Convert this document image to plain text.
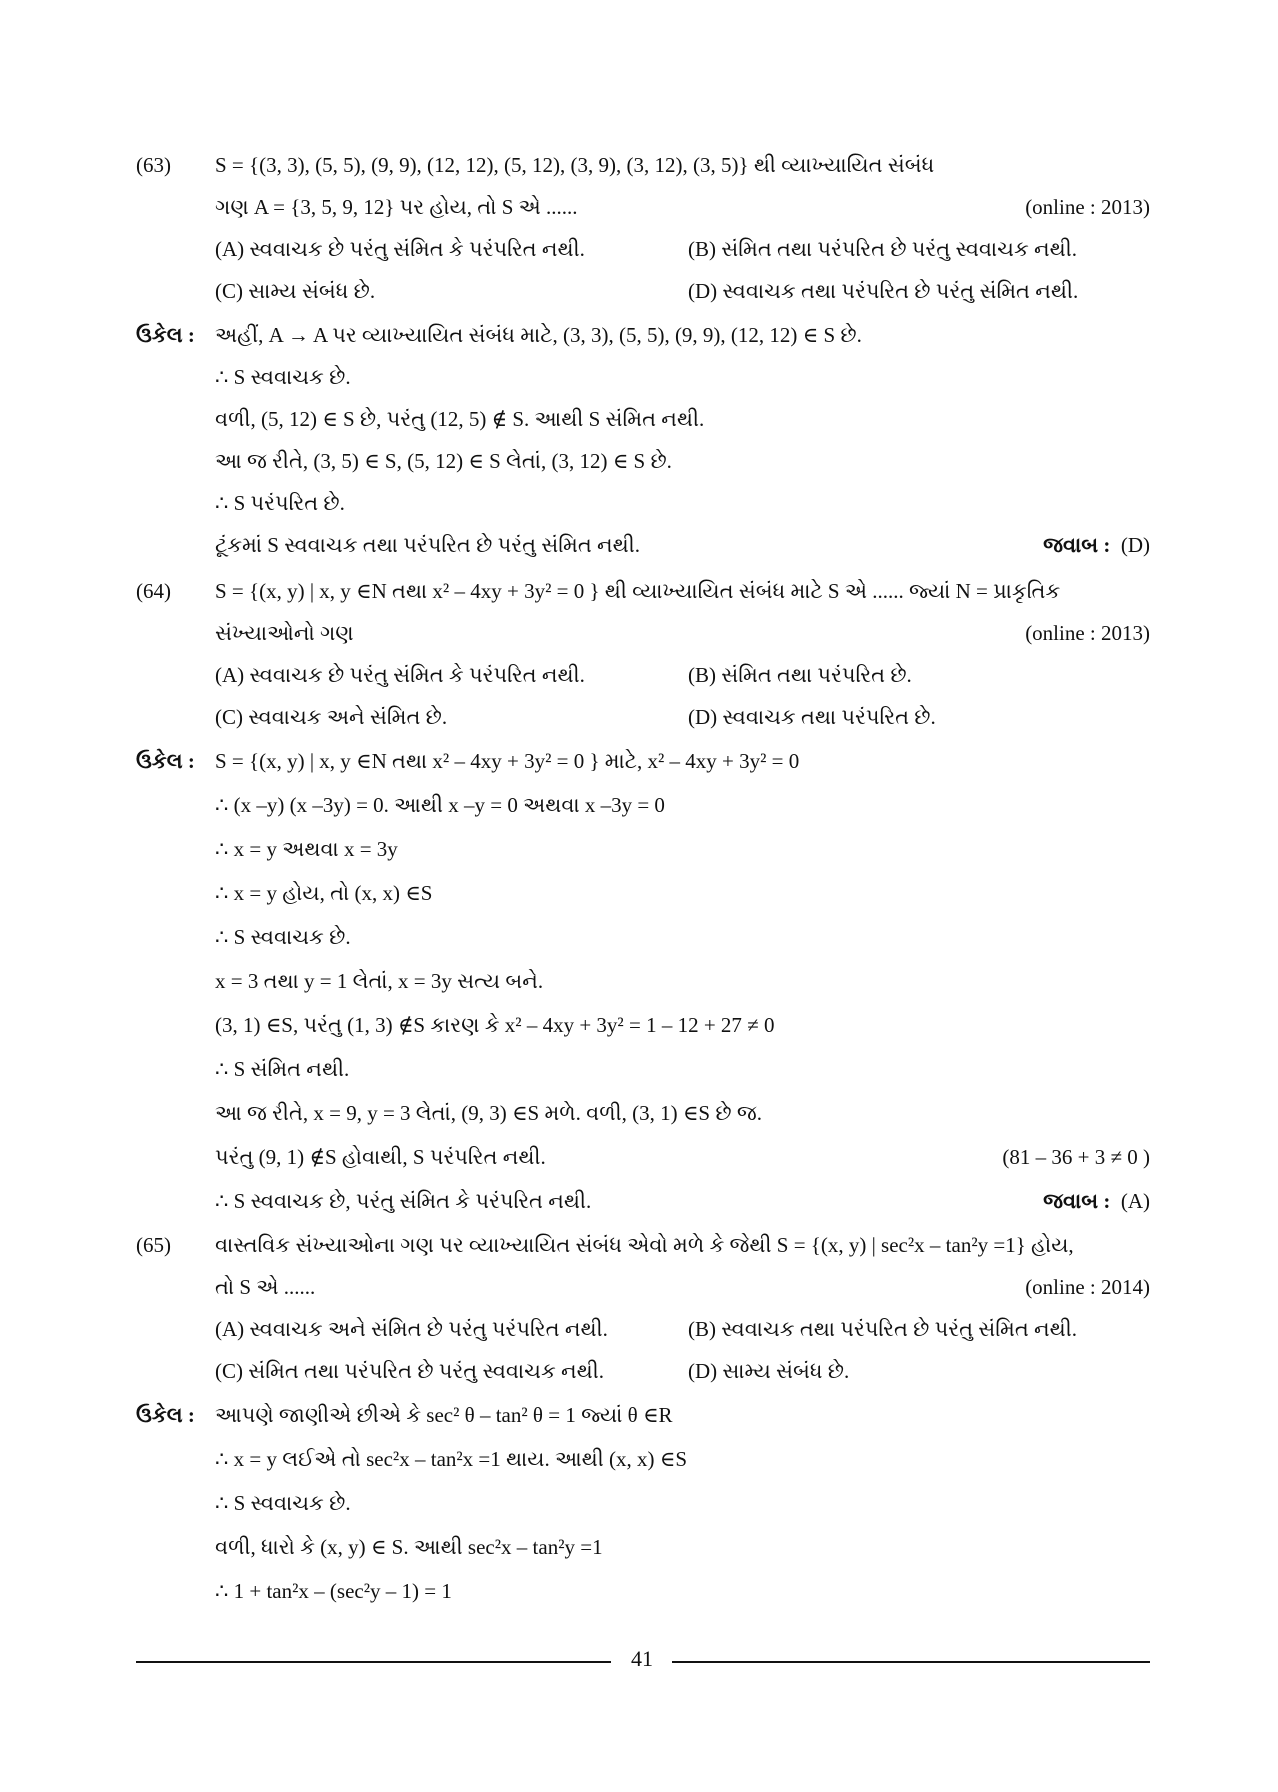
(63) S = {(3, 3), (5, 5), (9, 9), (12, 12), (5, 12), (3, 9), (3, 12), (3, 5)} થી વ્યાખ્યાયિત સંબંધ
ગણ A = {3, 5, 9, 12} પર હોય, તો S એ ......	(online : 2013)
(A) સ્વવાચક છે પરંતુ સંમિત કે પરંપરિત નથી.	(B) સંમિત તથા પરંપરિત છે પરંતુ સ્વવાચક નથી.
(C) સામ્ય સંબંધ છે.	(D) સ્વવાચક તથા પરંપરિત છે પરંતુ સંમિત નથી.
ઉકેલ : અહીં, A → A પર વ્યાખ્યાયિત સંબંધ માટે, (3, 3), (5, 5), (9, 9), (12, 12) ∈ S છે.
∴ S સ્વવાચક છે.
વળી, (5, 12) ∈ S છે, પરંતુ (12, 5) ∉ S. આથી S સંમિત નથી.
આ જ રીતે, (3, 5) ∈ S, (5, 12) ∈ S લેતાં, (3, 12) ∈ S છે.
∴ S પરંપરિત છે.
ટૂંકમાં S સ્વવાચક તથા પરંપરિત છે પરંતુ સંમિત નથી.	જવાબ : (D)
(64) S = {(x, y) | x, y ∈N તથા x² – 4xy + 3y² = 0 } થી વ્યાખ્યાયિત સંબંધ માટે S એ ...... જ્યાં N = પ્રાકૃતિક
સંખ્યાઓનો ગણ	(online : 2013)
(A) સ્વવાચક છે પરંતુ સંમિત કે પરંપરિત નથી.	(B) સંમિત તથા પરંપરિત છે.
(C) સ્વવાચક અને સંમિત છે.	(D) સ્વવાચક તથા પરંપરિત છે.
ઉકેલ : S = {(x, y) | x, y ∈N તથા x² – 4xy + 3y² = 0 } માટે, x² – 4xy + 3y² = 0
∴ (x –y) (x –3y) = 0. આથી x –y = 0 અથવા x –3y = 0
∴ x = y અથવા x = 3y
∴ x = y હોય, તો (x, x) ∈S
∴ S સ્વવાચક છે.
x = 3 તથા y = 1 લેતાં, x = 3y સત્ય બને.
(3, 1) ∈S, પરંતુ (1, 3) ∉S કારણ કે x² – 4xy + 3y² = 1 – 12 + 27 ≠ 0
∴ S સંમિત નથી.
આ જ રીતે, x = 9, y = 3 લેતાં, (9, 3) ∈S મળે. વળી, (3, 1) ∈S છે જ.
પરંતુ (9, 1) ∉S હોવાથી, S પરંપરિત નથી.	(81 – 36 + 3 ≠ 0 )
∴ S સ્વવાચક છે, પરંતુ સંમિત કે પરંપરિત નથી.	જવાબ : (A)
(65) વાસ્તવિક સંખ્યાઓના ગણ પર વ્યાખ્યાયિત સંબંધ એવો મળે કે જેથી S = {(x, y) | sec²x – tan²y =1} હોય,
તો S એ ......	(online : 2014)
(A) સ્વવાચક અને સંમિત છે પરંતુ પરંપરિત નથી.	(B) સ્વવાચક તથા પરંપરિત છે પરંતુ સંમિત નથી.
(C) સંમિત તથા પરંપરિત છે પરંતુ સ્વવાચક નથી.	(D) સામ્ય સંબંધ છે.
ઉકેલ : આપણે જાણીએ છીએ કે sec² θ – tan² θ = 1 જ્યાં θ ∈R
∴ x = y લઈએ તો sec²x – tan²x =1 થાય. આથી (x, x) ∈S
∴ S સ્વવાચક છે.
વળી, ધારો કે (x, y) ∈ S. આથી sec²x – tan²y =1
∴ 1 + tan²x – (sec²y – 1) = 1
41
